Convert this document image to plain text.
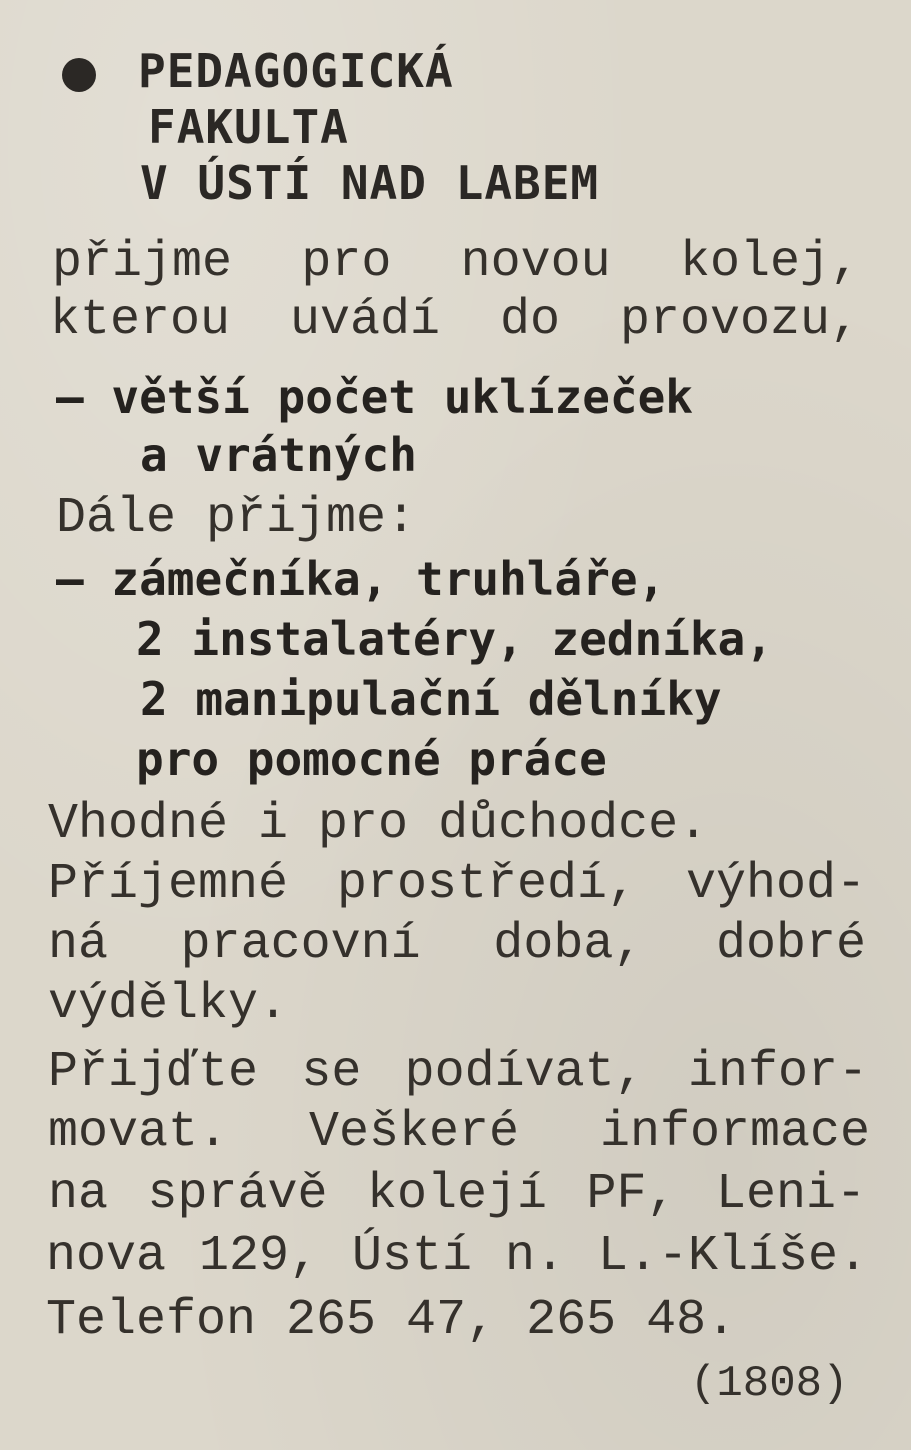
PEDAGOGICKÁ
FAKULTA
V ÚSTÍ NAD LABEM
přijme pro novou kolej,
kterou uvádí do provozu,
— větší počet uklízeček
a vrátných
Dále přijme:
— zámečníka, truhláře,
2 instalatéry, zedníka,
2 manipulační dělníky
pro pomocné práce
Vhodné i pro důchodce.
Příjemné prostředí, výhod-
ná pracovní doba, dobré
výdělky.
Přijďte se podívat, infor-
movat. Veškeré informace
na správě kolejí PF, Leni-
nova 129, Ústí n. L.-Klíše.
Telefon 265 47, 265 48.
(1808)
